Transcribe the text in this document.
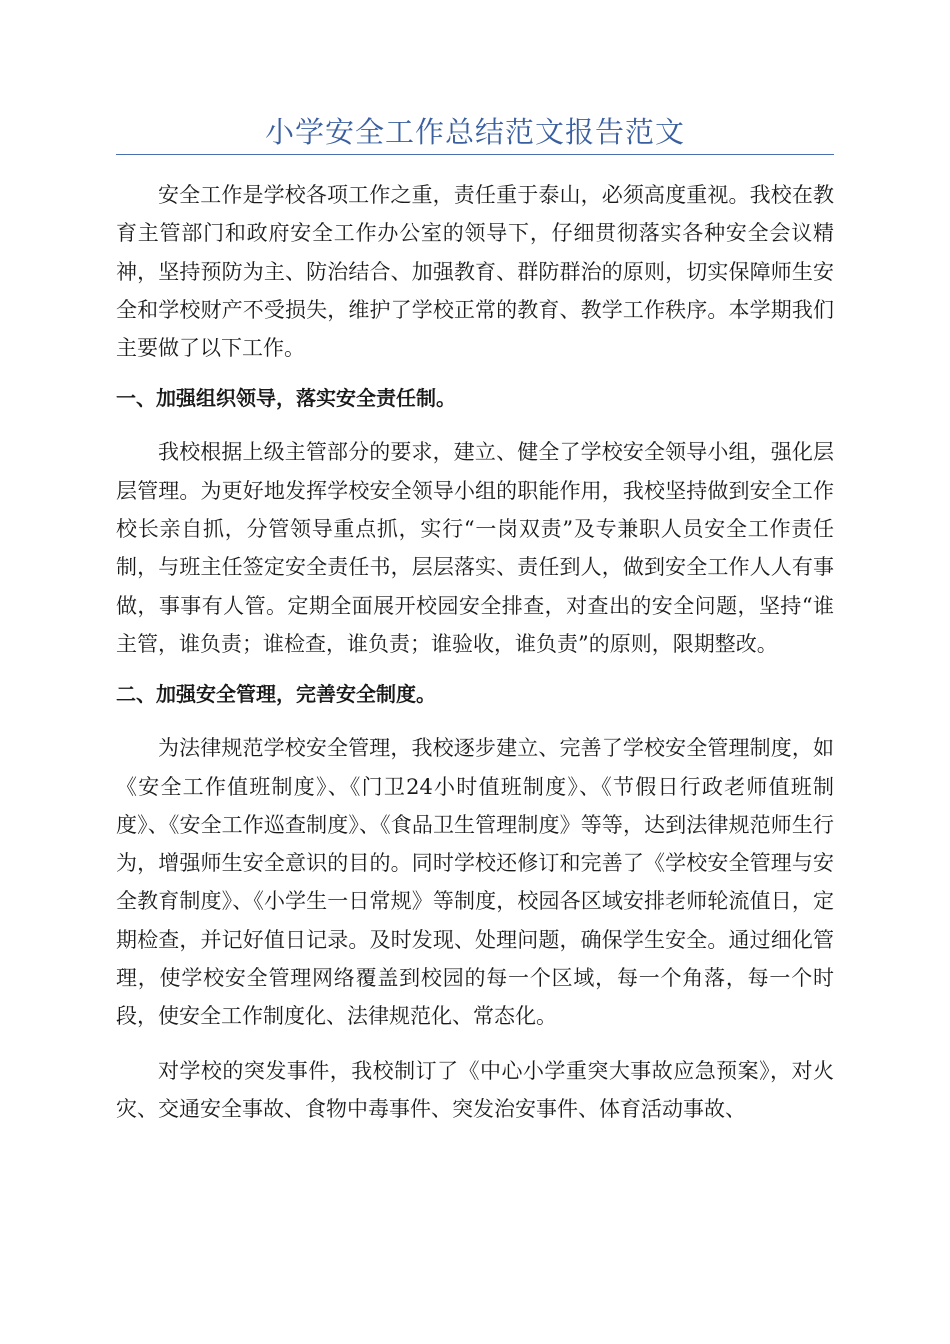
小学安全工作总结范文报告范文

安全工作是学校各项工作之重，责任重于泰山，必须高度重视。我校在教育主管部门和政府安全工作办公室的领导下，仔细贯彻落实各种安全会议精神，坚持预防为主、防治结合、加强教育、群防群治的原则，切实保障师生安全和学校财产不受损失，维护了学校正常的教育、教学工作秩序。本学期我们主要做了以下工作。

一、加强组织领导，落实安全责任制。

我校根据上级主管部分的要求，建立、健全了学校安全领导小组，强化层层管理。为更好地发挥学校安全领导小组的职能作用，我校坚持做到安全工作校长亲自抓，分管领导重点抓，实行“一岗双责”及专兼职人员安全工作责任制，与班主任签定安全责任书，层层落实、责任到人，做到安全工作人人有事做，事事有人管。定期全面展开校园安全排查，对查出的安全问题，坚持“谁主管，谁负责；谁检查，谁负责；谁验收，谁负责”的原则，限期整改。

二、加强安全管理，完善安全制度。

为法律规范学校安全管理，我校逐步建立、完善了学校安全管理制度，如《安全工作值班制度》、《门卫24小时值班制度》、《节假日行政老师值班制度》、《安全工作巡查制度》、《食品卫生管理制度》等等，达到法律规范师生行为，增强师生安全意识的目的。同时学校还修订和完善了《学校安全管理与安全教育制度》、《小学生一日常规》等制度，校园各区域安排老师轮流值日，定期检查，并记好值日记录。及时发现、处理问题，确保学生安全。通过细化管理，使学校安全管理网络覆盖到校园的每一个区域，每一个角落，每一个时段，使安全工作制度化、法律规范化、常态化。

对学校的突发事件，我校制订了《中心小学重突大事故应急预案》，对火灾、交通安全事故、食物中毒事件、突发治安事件、体育活动事故、
